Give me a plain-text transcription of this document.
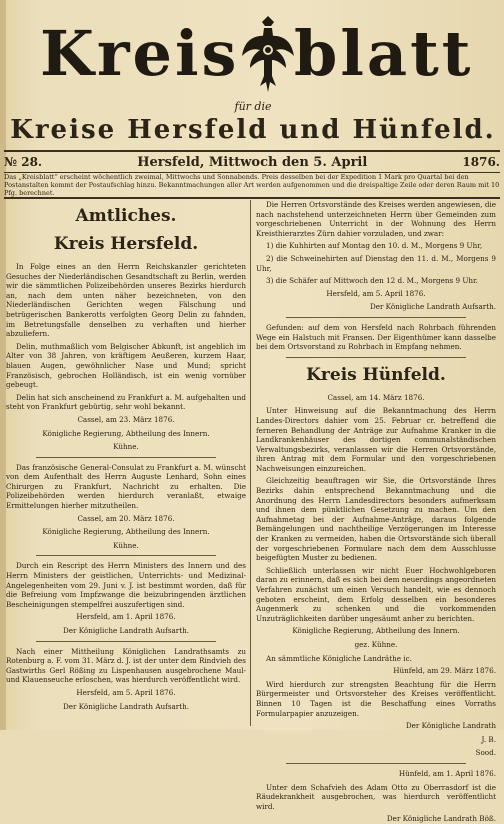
Kreis blatt
für die
Kreise Hersfeld und Hünfeld.
№ 28.	Hersfeld, Mittwoch den 5. April	1876.
Das „Kreisblatt“ erscheint wöchentlich zweimal, Mittwochs und Sonnabends. Preis desselben bei der Expedition 1 Mark pro Quartal bei den Postanstalten kommt der Postaufschlag hinzu. Bekanntmachungen aller Art werden aufgenommen und die dreispaltige Zeile oder deren Raum mit 10 Pfg. berechnet.
Amtliches.
Kreis Hersfeld.

In Folge eines an den Herrn Reichskanzler gerichteten Gesuches der Niederländischen Gesandtschaft zu Berlin, werden wir die sämmtlichen Polizeibehörden unseres Bezirks hierdurch an, nach dem unten näher bezeichneten, von den Niederländischen Gerichten wegen Fälschung und betrügerischen Bankerotts verfolgten Georg Delin zu fahnden, im Betretungsfalle denselben zu verhaften und hierher abzuliefern.

Delin, muthmaßlich vom Belgischer Abkunft, ist angeblich im Alter von 38 Jahren, von kräftigem Aeußeren, kurzem Haar, blauen Augen, gewöhnlicher Nase und Mund; spricht Französisch, gebrochen Holländisch, ist ein wenig vornüber gebeugt.

Delin hat sich anscheinend zu Frankfurt a. M. aufgehalten und steht von Frankfurt gebürtig, sehr wohl bekannt.

Cassel, am 23. März 1876.
Königliche Regierung, Abtheilung des Innern.
Kühne.

Das französische General-Consulat zu Frankfurt a. M. wünscht von dem Aufenthalt des Herrn Auguste Lenhard, Sohn eines Chirurgen zu Frankfurt, Nachricht zu erhalten. Die Polizeibehörden werden hierdurch veranlaßt, etwaige Ermittelungen hierher mitzutheilen.

Cassel, am 20. März 1876.
Königliche Regierung, Abtheilung des Innern.
Kühne.

Durch ein Rescript des Herrn Ministers des Innern und des Herrn Ministers der geistlichen, Unterrichts- und Medizinal-Angelegenheiten vom 29. Juni v. J. ist bestimmt worden, daß für die Befreiung vom Impfzwange die beizubringenden ärztlichen Bescheinigungen stempelfrei auszufertigen sind.

Hersfeld, am 1. April 1876.
Der Königliche Landrath Aufsarth.

Nach einer Mittheilung Königlichen Landrathsamts zu Rotenburg a. F. vom 31. März d. J. ist der unter dem Rindvieh des Gastwirths Gerl Rößing zu Lispenhausen ausgebrochene Maul- und Klauenseuche erloschen, was hierdurch veröffentlicht wird.

Hersfeld, am 5. April 1876.
Der Königliche Landrath Aufsarth.

Die Herren Ortsvorstände des Kreises werden angewiesen, die nach nachstehend unterzeichneten Herrn über Gemeinden zum vorgeschriebenen Unterricht in der Wohnung des Herrn Kreisthierarztes Zürn dahier vorzuladen, und zwar:

1) die Kuhhirten auf Montag den 10. d. M., Morgens 9 Uhr,

2) die Schweinehirten auf Dienstag den 11. d. M., Morgens 9 Uhr,

3) die Schäfer auf Mittwoch den 12 d. M., Morgens 9 Uhr.

Hersfeld, am 5. April 1876.
Der Königliche Landrath Aufsarth.

Gefunden: auf dem von Hersfeld nach Rohrbach führenden Wege ein Halstuch mit Fransen. Der Eigenthümer kann dasselbe bei dem Ortsvorstand zu Rohrbach in Empfang nehmen.

Kreis Hünfeld.
Cassel, am 14. März 1876.

Unter Hinweisung auf die Bekanntmachung des Herrn Landes-Directors dahier vom 25. Februar cr. betreffend die ferneren Behandlung der Anträge zur Aufnahme Kranker in die Landkrankenhäuser des dortigen communalständischen Verwaltungsbezirks, veranlassen wir die Herren Ortsvorstände, ihren Antrag mit dem Formular und den vorgeschriebenen Nachweisungen einzureichen.

Gleichzeitig beauftragen wir Sie, die Ortsvorstände Ihres Bezirks dahin entsprechend Bekanntmachung und die Anordnung des Herrn Landesdirectors besonders aufmerksam und ihnen dem pünktlichen Gesetzung zu machen. Um den Aufnahmetag bei der Aufnahme-Anträge, daraus folgende Bemängelungen und nachtheilige Verzögerungen im Interesse der Kranken zu vermeiden, haben die Ortsvorstände sich überall der vorgeschriebenen Formulare nach dem dem Ausschlusse beigefügten Muster zu bedienen.

Schließlich unterlassen wir nicht Euer Hochwohlgeboren daran zu erinnern, daß es sich bei dem neuerdings angeordneten Verfahren zunächst um einen Versuch handelt, wie es dennoch geboten erscheint, dem Erfolg desselben ein besonderes Augenmerk zu schenken und die vorkommenden Unzuträglichkeiten darüber ungesäumt anher zu berichten.

Königliche Regierung, Abtheilung des Innern.
gez. Kühne.

An sämmtliche Königliche Landräthe ic.

Hünfeld, am 29. März 1876.

Wird hierdurch zur strengsten Beachtung für die Herrn Bürgermeister und Ortsvorsteher des Kreises veröffentlicht. Binnen 10 Tagen ist die Beschaffung eines Vorraths Formularpapier anzuzeigen.

Der Königliche Landrath
J. B.
Sood.
Hünfeld, am 1. April 1876.

Unter dem Schafvieh des Adam Otto zu Oberrasdorf ist die Räudekrankheit ausgebrochen, was hierdurch veröffentlicht wird.

Der Königliche Landrath Böß.
